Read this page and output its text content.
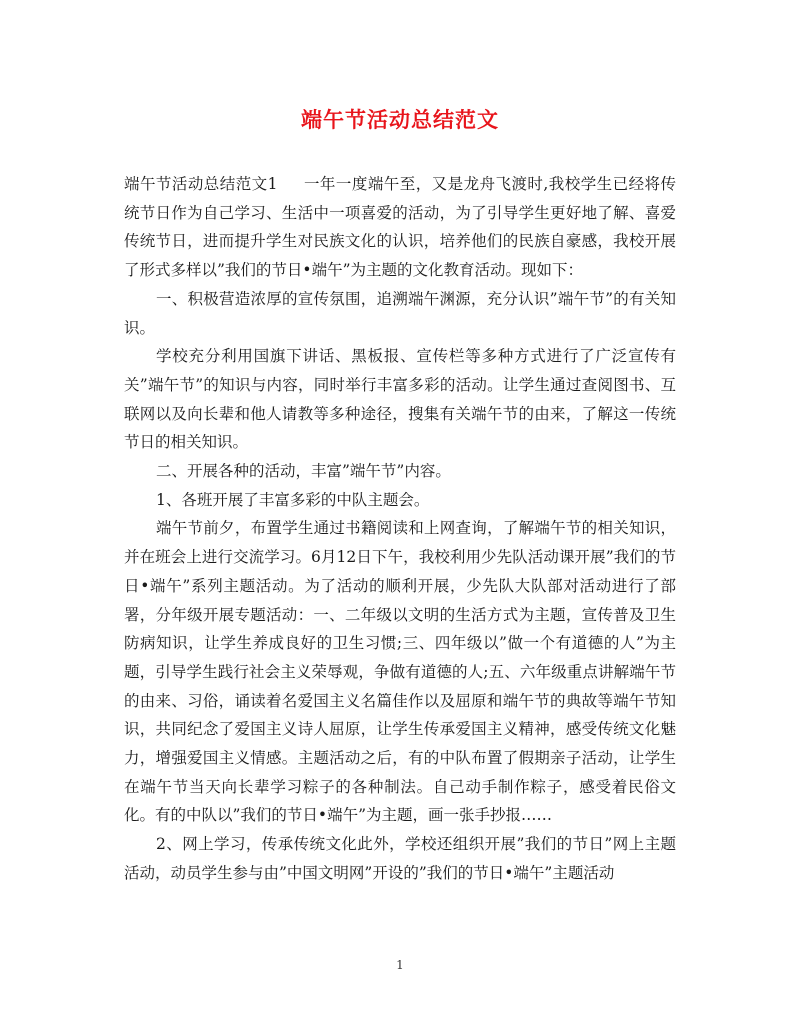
端午节活动总结范文

端午节活动总结范文1 一年一度端午至，又是龙舟飞渡时,我校学生已经将传统节日作为自己学习、生活中一项喜爱的活动，为了引导学生更好地了解、喜爱传统节日，进而提升学生对民族文化的认识，培养他们的民族自豪感，我校开展了形式多样以”我们的节日•端午”为主题的文化教育活动。现如下：

一、积极营造浓厚的宣传氛围，追溯端午渊源，充分认识”端午节”的有关知识。

学校充分利用国旗下讲话、黑板报、宣传栏等多种方式进行了广泛宣传有关”端午节”的知识与内容，同时举行丰富多彩的活动。让学生通过查阅图书、互联网以及向长辈和他人请教等多种途径，搜集有关端午节的由来，了解这一传统节日的相关知识。

二、开展各种的活动，丰富”端午节”内容。

1、各班开展了丰富多彩的中队主题会。

端午节前夕，布置学生通过书籍阅读和上网查询，了解端午节的相关知识，并在班会上进行交流学习。6月12日下午，我校利用少先队活动课开展”我们的节日•端午”系列主题活动。为了活动的顺利开展，少先队大队部对活动进行了部署，分年级开展专题活动：一、二年级以文明的生活方式为主题，宣传普及卫生防病知识，让学生养成良好的卫生习惯;三、四年级以”做一个有道德的人”为主题，引导学生践行社会主义荣辱观，争做有道德的人;五、六年级重点讲解端午节的由来、习俗，诵读着名爱国主义名篇佳作以及屈原和端午节的典故等端午节知识，共同纪念了爱国主义诗人屈原，让学生传承爱国主义精神，感受传统文化魅力，增强爱国主义情感。主题活动之后，有的中队布置了假期亲子活动，让学生在端午节当天向长辈学习粽子的各种制法。自己动手制作粽子，感受着民俗文化。有的中队以”我们的节日•端午”为主题，画一张手抄报……

2、网上学习，传承传统文化此外，学校还组织开展”我们的节日”网上主题活动，动员学生参与由”中国文明网”开设的”我们的节日•端午”主题活动

1
